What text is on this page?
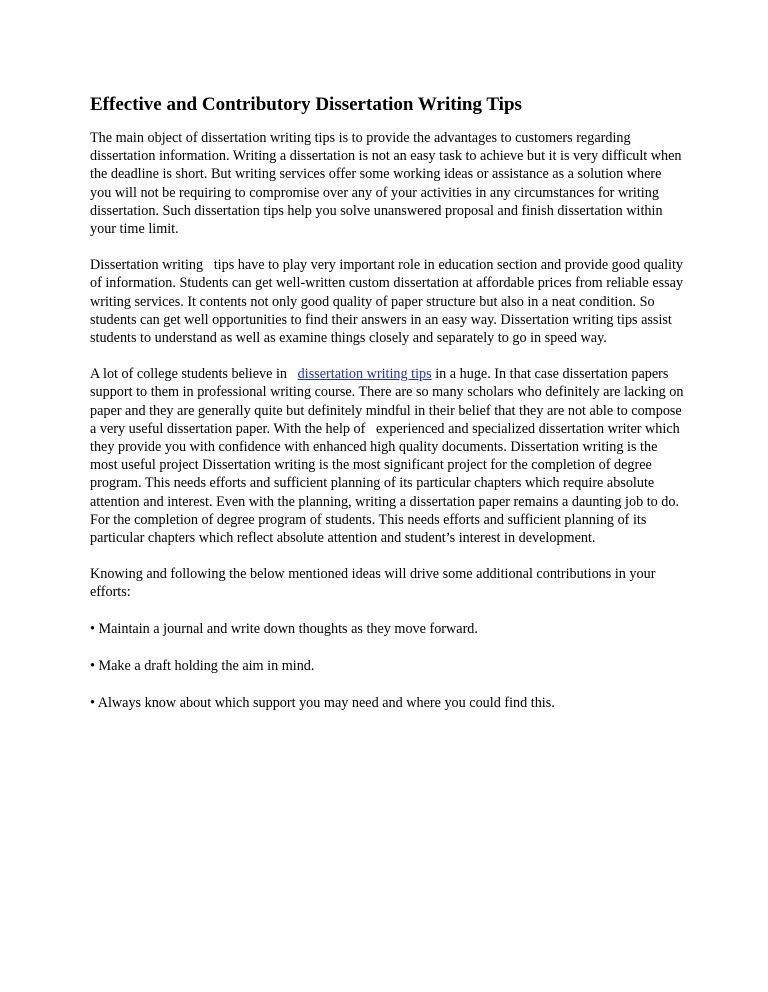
Effective and Contributory Dissertation Writing Tips

The main object of dissertation writing tips is to provide the advantages to customers regarding dissertation information. Writing a dissertation is not an easy task to achieve but it is very difficult when the deadline is short. But writing services offer some working ideas or assistance as a solution where you will not be requiring to compromise over any of your activities in any circumstances for writing dissertation. Such dissertation tips help you solve unanswered proposal and finish dissertation within your time limit.

Dissertation writing   tips have to play very important role in education section and provide good quality of information. Students can get well-written custom dissertation at affordable prices from reliable essay writing services. It contents not only good quality of paper structure but also in a neat condition. So students can get well opportunities to find their answers in an easy way. Dissertation writing tips assist students to understand as well as examine things closely and separately to go in speed way.

A lot of college students believe in   dissertation writing tips in a huge. In that case dissertation papers support to them in professional writing course. There are so many scholars who definitely are lacking on paper and they are generally quite but definitely mindful in their belief that they are not able to compose a very useful dissertation paper. With the help of   experienced and specialized dissertation writer which they provide you with confidence with enhanced high quality documents. Dissertation writing is the most useful project Dissertation writing is the most significant project for the completion of degree program. This needs efforts and sufficient planning of its particular chapters which require absolute attention and interest. Even with the planning, writing a dissertation paper remains a daunting job to do. For the completion of degree program of students. This needs efforts and sufficient planning of its particular chapters which reflect absolute attention and student’s interest in development.

Knowing and following the below mentioned ideas will drive some additional contributions in your efforts:

• Maintain a journal and write down thoughts as they move forward.

• Make a draft holding the aim in mind.

• Always know about which support you may need and where you could find this.
